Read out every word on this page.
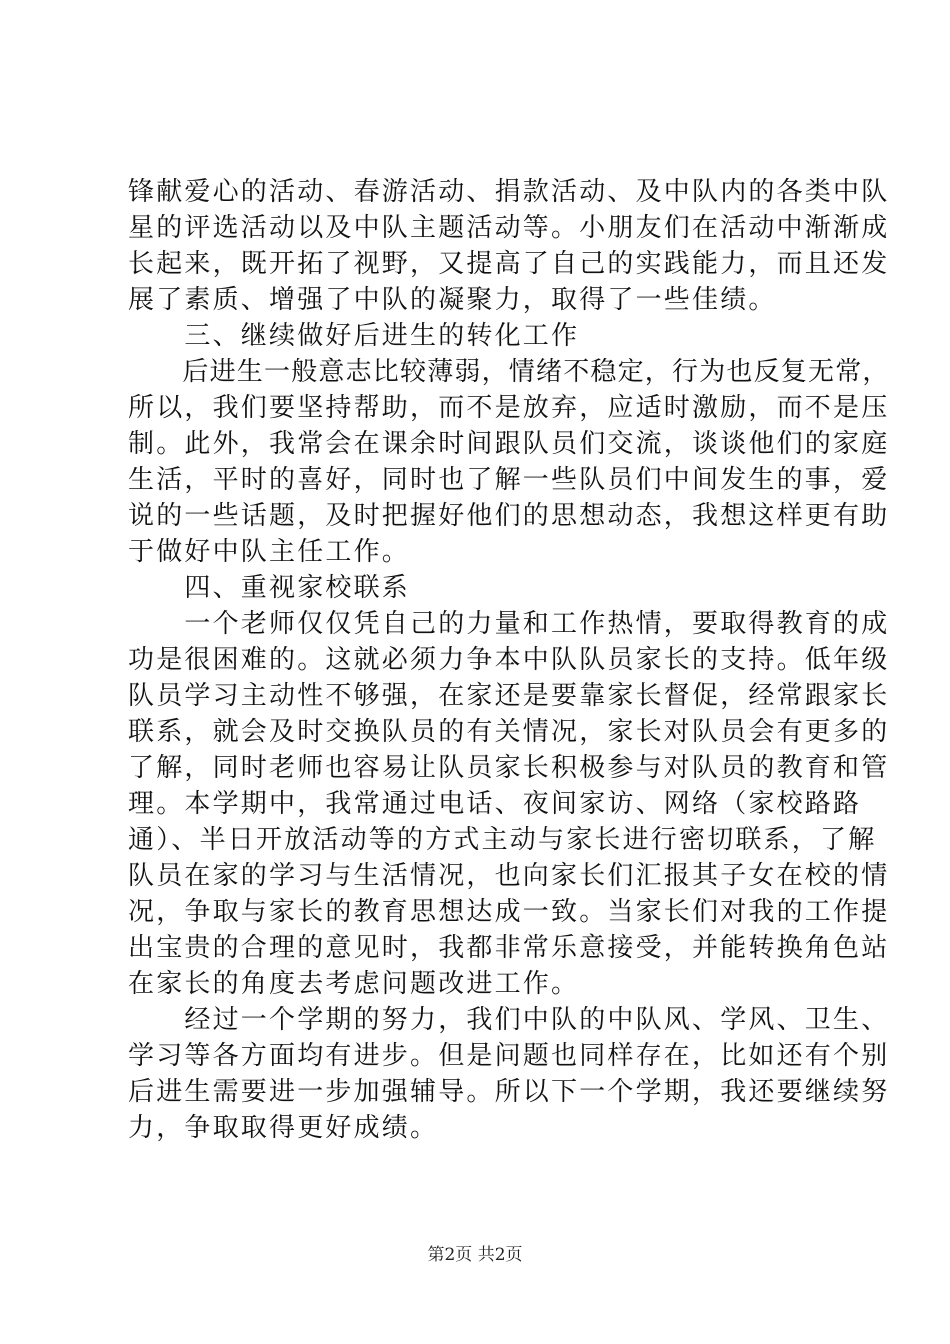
锋献爱心的活动、春游活动、捐款活动、及中队内的各类中队
星的评选活动以及中队主题活动等。小朋友们在活动中渐渐成
长起来，既开拓了视野，又提高了自己的实践能力，而且还发
展了素质、增强了中队的凝聚力，取得了一些佳绩。
　　三、继续做好后进生的转化工作
　　后进生一般意志比较薄弱，情绪不稳定，行为也反复无常，
所以，我们要坚持帮助，而不是放弃，应适时激励，而不是压
制。此外，我常会在课余时间跟队员们交流，谈谈他们的家庭
生活，平时的喜好，同时也了解一些队员们中间发生的事，爱
说的一些话题，及时把握好他们的思想动态，我想这样更有助
于做好中队主任工作。
　　四、重视家校联系
　　一个老师仅仅凭自己的力量和工作热情，要取得教育的成
功是很困难的。这就必须力争本中队队员家长的支持。低年级
队员学习主动性不够强，在家还是要靠家长督促，经常跟家长
联系，就会及时交换队员的有关情况，家长对队员会有更多的
了解，同时老师也容易让队员家长积极参与对队员的教育和管
理。本学期中，我常通过电话、夜间家访、网络（家校路路
通）、半日开放活动等的方式主动与家长进行密切联系，了解
队员在家的学习与生活情况，也向家长们汇报其子女在校的情
况，争取与家长的教育思想达成一致。当家长们对我的工作提
出宝贵的合理的意见时，我都非常乐意接受，并能转换角色站
在家长的角度去考虑问题改进工作。
　　经过一个学期的努力，我们中队的中队风、学风、卫生、
学习等各方面均有进步。但是问题也同样存在，比如还有个别
后进生需要进一步加强辅导。所以下一个学期，我还要继续努
力，争取取得更好成绩。
第2页 共2页
